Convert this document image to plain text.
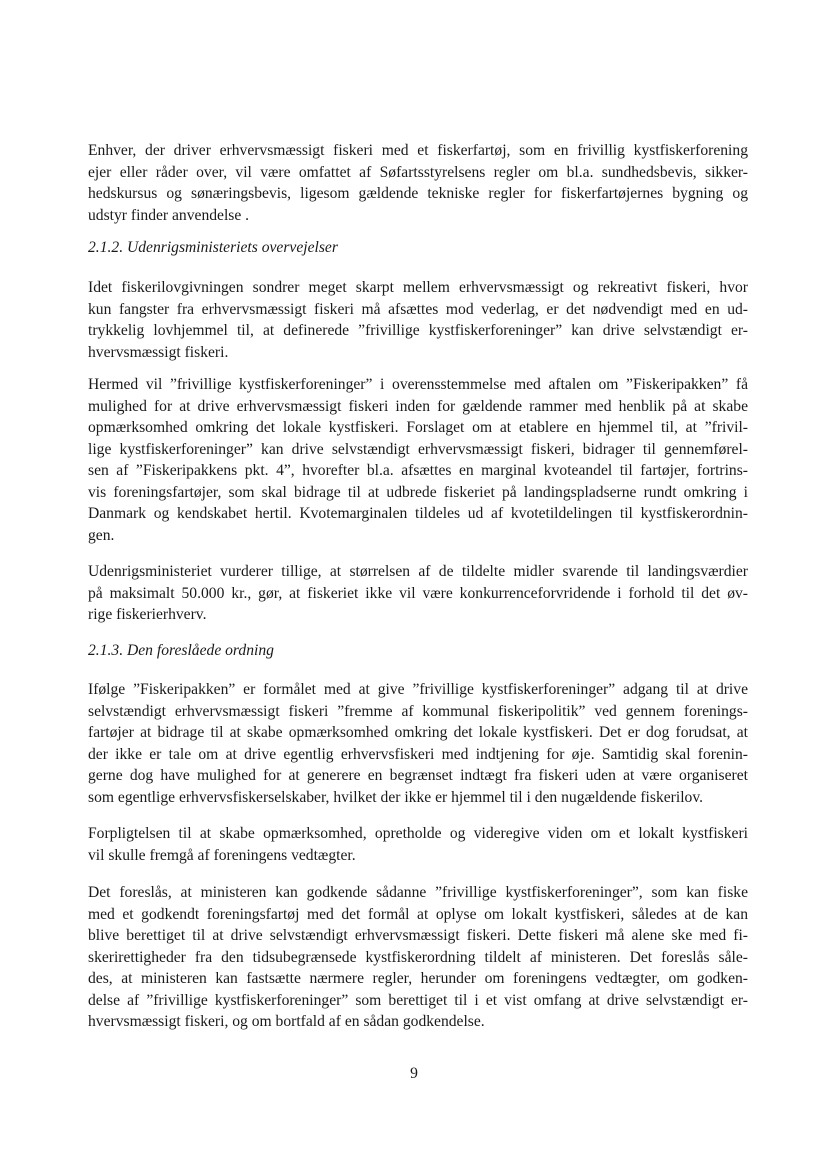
Enhver, der driver erhvervsmæssigt fiskeri med et fiskerfartøj, som en frivillig kystfiskerforening
ejer eller råder over, vil være omfattet af Søfartsstyrelsens regler om bl.a. sundhedsbevis, sikker-
hedskursus og sønæringsbevis, ligesom gældende tekniske regler for fiskerfartøjernes bygning og
udstyr finder anvendelse .
2.1.2. Udenrigsministeriets overvejelser
Idet fiskerilovgivningen sondrer meget skarpt mellem erhvervsmæssigt og rekreativt fiskeri, hvor
kun fangster fra erhvervsmæssigt fiskeri må afsættes mod vederlag, er det nødvendigt med en ud-
trykkelig lovhjemmel til, at definerede ”frivillige kystfiskerforeninger” kan drive selvstændigt er-
hvervsmæssigt fiskeri.
Hermed vil ”frivillige kystfiskerforeninger” i overensstemmelse med aftalen om ”Fiskeripakken” få
mulighed for at drive erhvervsmæssigt fiskeri inden for gældende rammer med henblik på at skabe
opmærksomhed omkring det lokale kystfiskeri. Forslaget om at etablere en hjemmel til, at ”frivil-
lige kystfiskerforeninger” kan drive selvstændigt erhvervsmæssigt fiskeri, bidrager til gennemførel-
sen af ”Fiskeripakkens pkt. 4”, hvorefter bl.a. afsættes en marginal kvoteandel til fartøjer, fortrins-
vis foreningsfartøjer, som skal bidrage til at udbrede fiskeriet på landingspladserne rundt omkring i
Danmark og kendskabet hertil. Kvotemarginalen tildeles ud af kvotetildelingen til kystfiskerordnin-
gen.
Udenrigsministeriet vurderer tillige, at størrelsen af de tildelte midler svarende til landingsværdier
på maksimalt 50.000 kr., gør, at fiskeriet ikke vil være konkurrenceforvridende i forhold til det øv-
rige fiskerierhverv.
2.1.3. Den foreslåede ordning
Ifølge ”Fiskeripakken” er formålet med at give ”frivillige kystfiskerforeninger” adgang til at drive
selvstændigt erhvervsmæssigt fiskeri ”fremme af kommunal fiskeripolitik” ved gennem forenings-
fartøjer at bidrage til at skabe opmærksomhed omkring det lokale kystfiskeri. Det er dog forudsat, at
der ikke er tale om at drive egentlig erhvervsfiskeri med indtjening for øje. Samtidig skal forenin-
gerne dog have mulighed for at generere en begrænset indtægt fra fiskeri uden at være organiseret
som egentlige erhvervsfiskerselskaber, hvilket der ikke er hjemmel til i den nugældende fiskerilov.
Forpligtelsen til at skabe opmærksomhed, opretholde og videregive viden om et lokalt kystfiskeri
vil skulle fremgå af foreningens vedtægter.
Det foreslås, at ministeren kan godkende sådanne ”frivillige kystfiskerforeninger”, som kan fiske
med et godkendt foreningsfartøj med det formål at oplyse om lokalt kystfiskeri, således at de kan
blive berettiget til at drive selvstændigt erhvervsmæssigt fiskeri. Dette fiskeri må alene ske med fi-
skerirettigheder fra den tidsubegrænsede kystfiskerordning tildelt af ministeren. Det foreslås såle-
des, at ministeren kan fastsætte nærmere regler, herunder om foreningens vedtægter, om godken-
delse af ”frivillige kystfiskerforeninger” som berettiget til i et vist omfang at drive selvstændigt er-
hvervsmæssigt fiskeri, og om bortfald af en sådan godkendelse.
9
